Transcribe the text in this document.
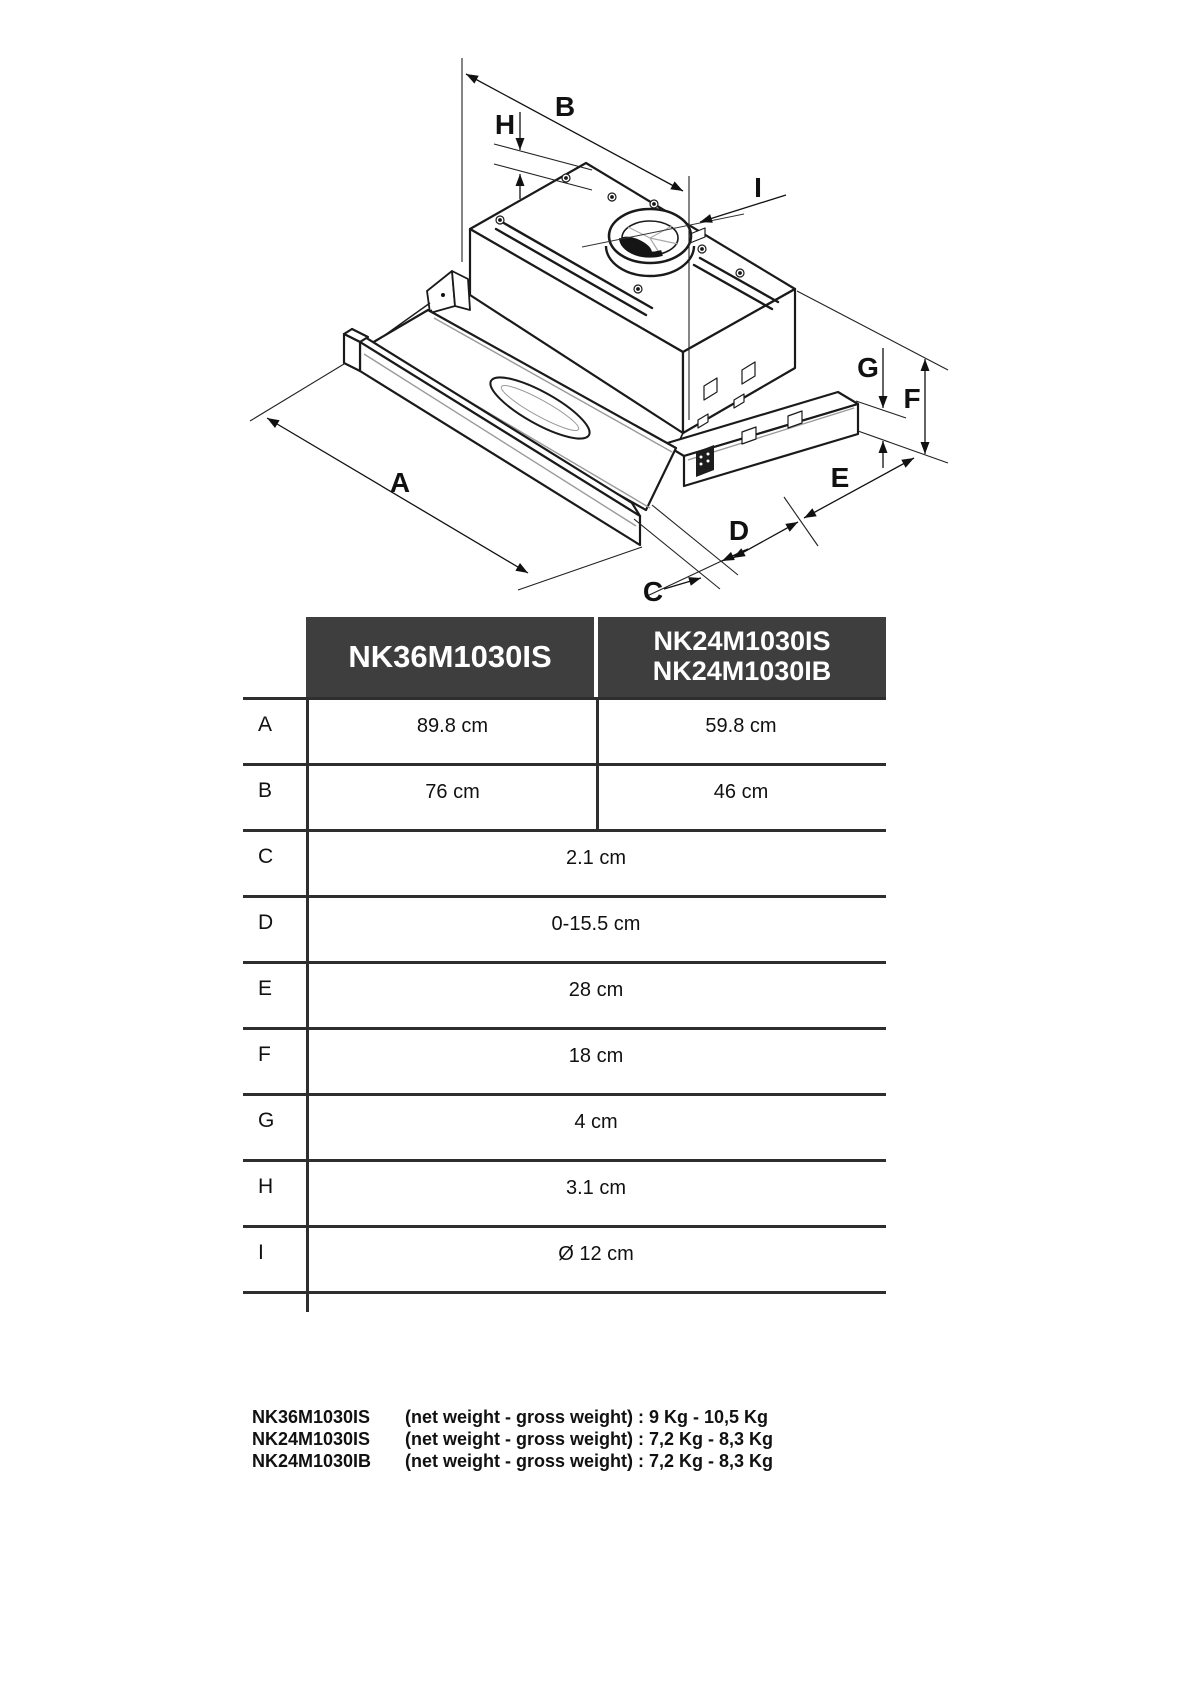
A
B
C
D
E
F
G
H
I
NK36M1030IS	NK24M1030IS
NK24M1030IB
A	89.8 cm	59.8 cm
B	76 cm	46 cm
C	2.1 cm
D	0-15.5 cm
E	28 cm
F	18 cm
G	4 cm
H	3.1 cm
I	Ø 12 cm
NK36M1030IS (net weight - gross weight) : 9 Kg - 10,5 Kg
NK24M1030IS (net weight - gross weight) : 7,2 Kg - 8,3 Kg
NK24M1030IB (net weight - gross weight) : 7,2 Kg - 8,3 Kg
